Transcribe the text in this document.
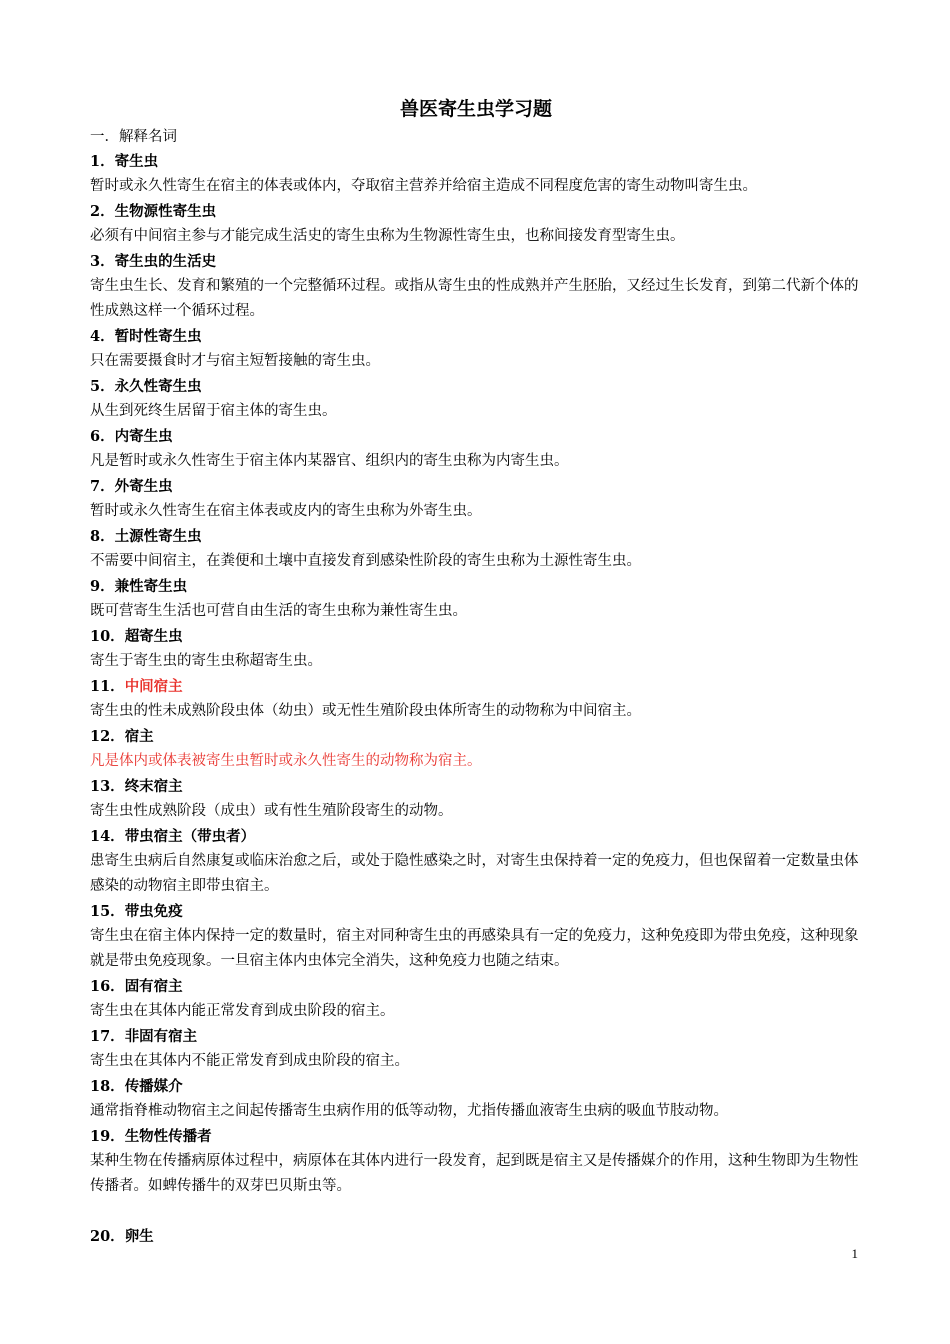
兽医寄生虫学习题
一．解释名词
1．寄生虫
暂时或永久性寄生在宿主的体表或体内，夺取宿主营养并给宿主造成不同程度危害的寄生动物叫寄生虫。
2．生物源性寄生虫
必须有中间宿主参与才能完成生活史的寄生虫称为生物源性寄生虫，也称间接发育型寄生虫。
3．寄生虫的生活史
寄生虫生长、发育和繁殖的一个完整循环过程。或指从寄生虫的性成熟并产生胚胎，又经过生长发育，到第二代新个体的性成熟这样一个循环过程。
4．暂时性寄生虫
只在需要摄食时才与宿主短暂接触的寄生虫。
5．永久性寄生虫
从生到死终生居留于宿主体的寄生虫。
6．内寄生虫
凡是暂时或永久性寄生于宿主体内某器官、组织内的寄生虫称为内寄生虫。
7．外寄生虫
暂时或永久性寄生在宿主体表或皮内的寄生虫称为外寄生虫。
8．土源性寄生虫
不需要中间宿主，在粪便和土壤中直接发育到感染性阶段的寄生虫称为土源性寄生虫。
9．兼性寄生虫
既可营寄生生活也可营自由生活的寄生虫称为兼性寄生虫。
10．超寄生虫
寄生于寄生虫的寄生虫称超寄生虫。
11．中间宿主
寄生虫的性未成熟阶段虫体（幼虫）或无性生殖阶段虫体所寄生的动物称为中间宿主。
12．宿主
凡是体内或体表被寄生虫暂时或永久性寄生的动物称为宿主。
13．终末宿主
寄生虫性成熟阶段（成虫）或有性生殖阶段寄生的动物。
14．带虫宿主（带虫者）
患寄生虫病后自然康复或临床治愈之后，或处于隐性感染之时，对寄生虫保持着一定的免疫力，但也保留着一定数量虫体感染的动物宿主即带虫宿主。
15．带虫免疫
寄生虫在宿主体内保持一定的数量时，宿主对同种寄生虫的再感染具有一定的免疫力，这种免疫即为带虫免疫，这种现象就是带虫免疫现象。一旦宿主体内虫体完全消失，这种免疫力也随之结束。
16．固有宿主
寄生虫在其体内能正常发育到成虫阶段的宿主。
17．非固有宿主
寄生虫在其体内不能正常发育到成虫阶段的宿主。
18．传播媒介
通常指脊椎动物宿主之间起传播寄生虫病作用的低等动物，尤指传播血液寄生虫病的吸血节肢动物。
19．生物性传播者
某种生物在传播病原体过程中，病原体在其体内进行一段发育，起到既是宿主又是传播媒介的作用，这种生物即为生物性传播者。如蜱传播牛的双芽巴贝斯虫等。
20．卵生
1
